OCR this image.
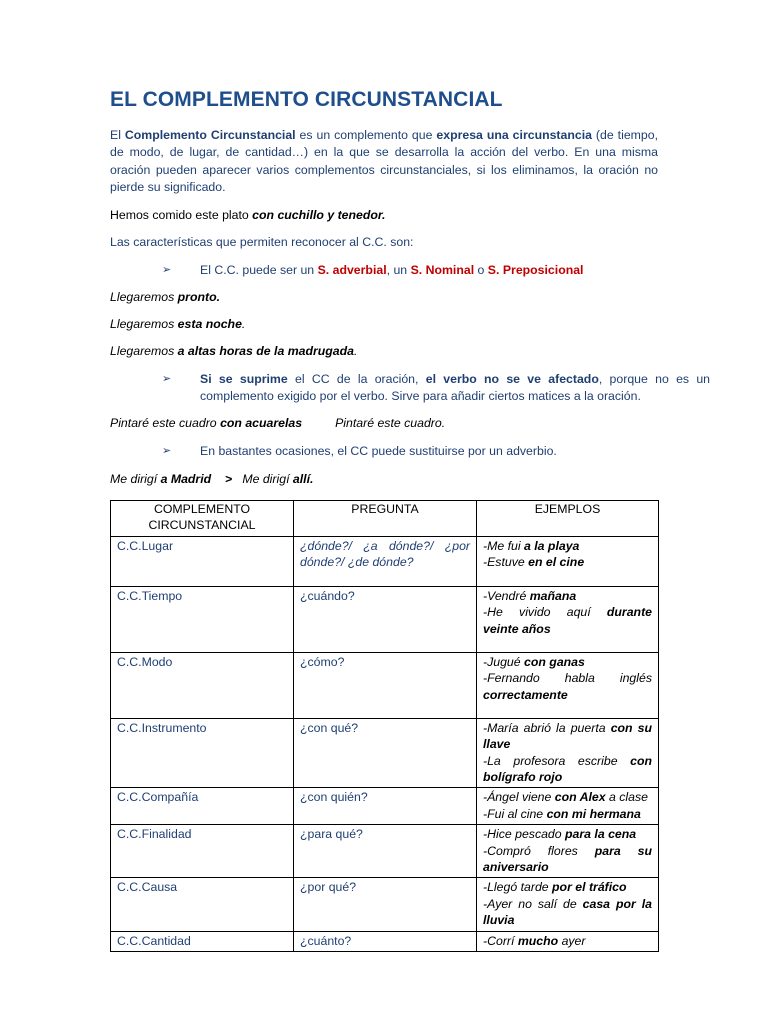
EL COMPLEMENTO CIRCUNSTANCIAL
El Complemento Circunstancial es un complemento que expresa una circunstancia (de tiempo, de modo, de lugar, de cantidad…) en la que se desarrolla la acción del verbo. En una misma oración pueden aparecer varios complementos circunstanciales, si los eliminamos, la oración no pierde su significado.
Hemos comido este plato con cuchillo y tenedor.
Las características que permiten reconocer al C.C. son:
➢ El C.C. puede ser un S. adverbial, un S. Nominal o S. Preposicional
Llegaremos pronto.
Llegaremos esta noche.
Llegaremos a altas horas de la madrugada.
➢ Si se suprime el CC de la oración, el verbo no se ve afectado, porque no es un complemento exigido por el verbo. Sirve para añadir ciertos matices a la oración.
Pintaré este cuadro con acuarelas	Pintaré este cuadro.
➢ En bastantes ocasiones, el CC puede sustituirse por un adverbio.
Me dirigí a Madrid > Me dirigí allí.
COMPLEMENTO CIRCUNSTANCIAL	PREGUNTA	EJEMPLOS
C.C.Lugar	¿dónde?/ ¿a dónde?/ ¿por dónde?/ ¿de dónde?	-Me fui a la playa
-Estuve en el cine

C.C.Tiempo	¿cuándo?	-Vendré mañana
-He vivido aquí durante veinte años

C.C.Modo	¿cómo?	-Jugué con ganas
-Fernando habla inglés correctamente

C.C.Instrumento	¿con qué?	-María abrió la puerta con su llave
-La profesora escribe con bolígrafo rojo

C.C.Compañía	¿con quién?	-Ángel viene con Alex a clase
-Fui al cine con mi hermana

C.C.Finalidad	¿para qué?	-Hice pescado para la cena
-Compró flores para su aniversario

C.C.Causa	¿por qué?	-Llegó tarde por el tráfico
-Ayer no salí de casa por la lluvia

C.C.Cantidad	¿cuánto?	-Corrí mucho ayer
